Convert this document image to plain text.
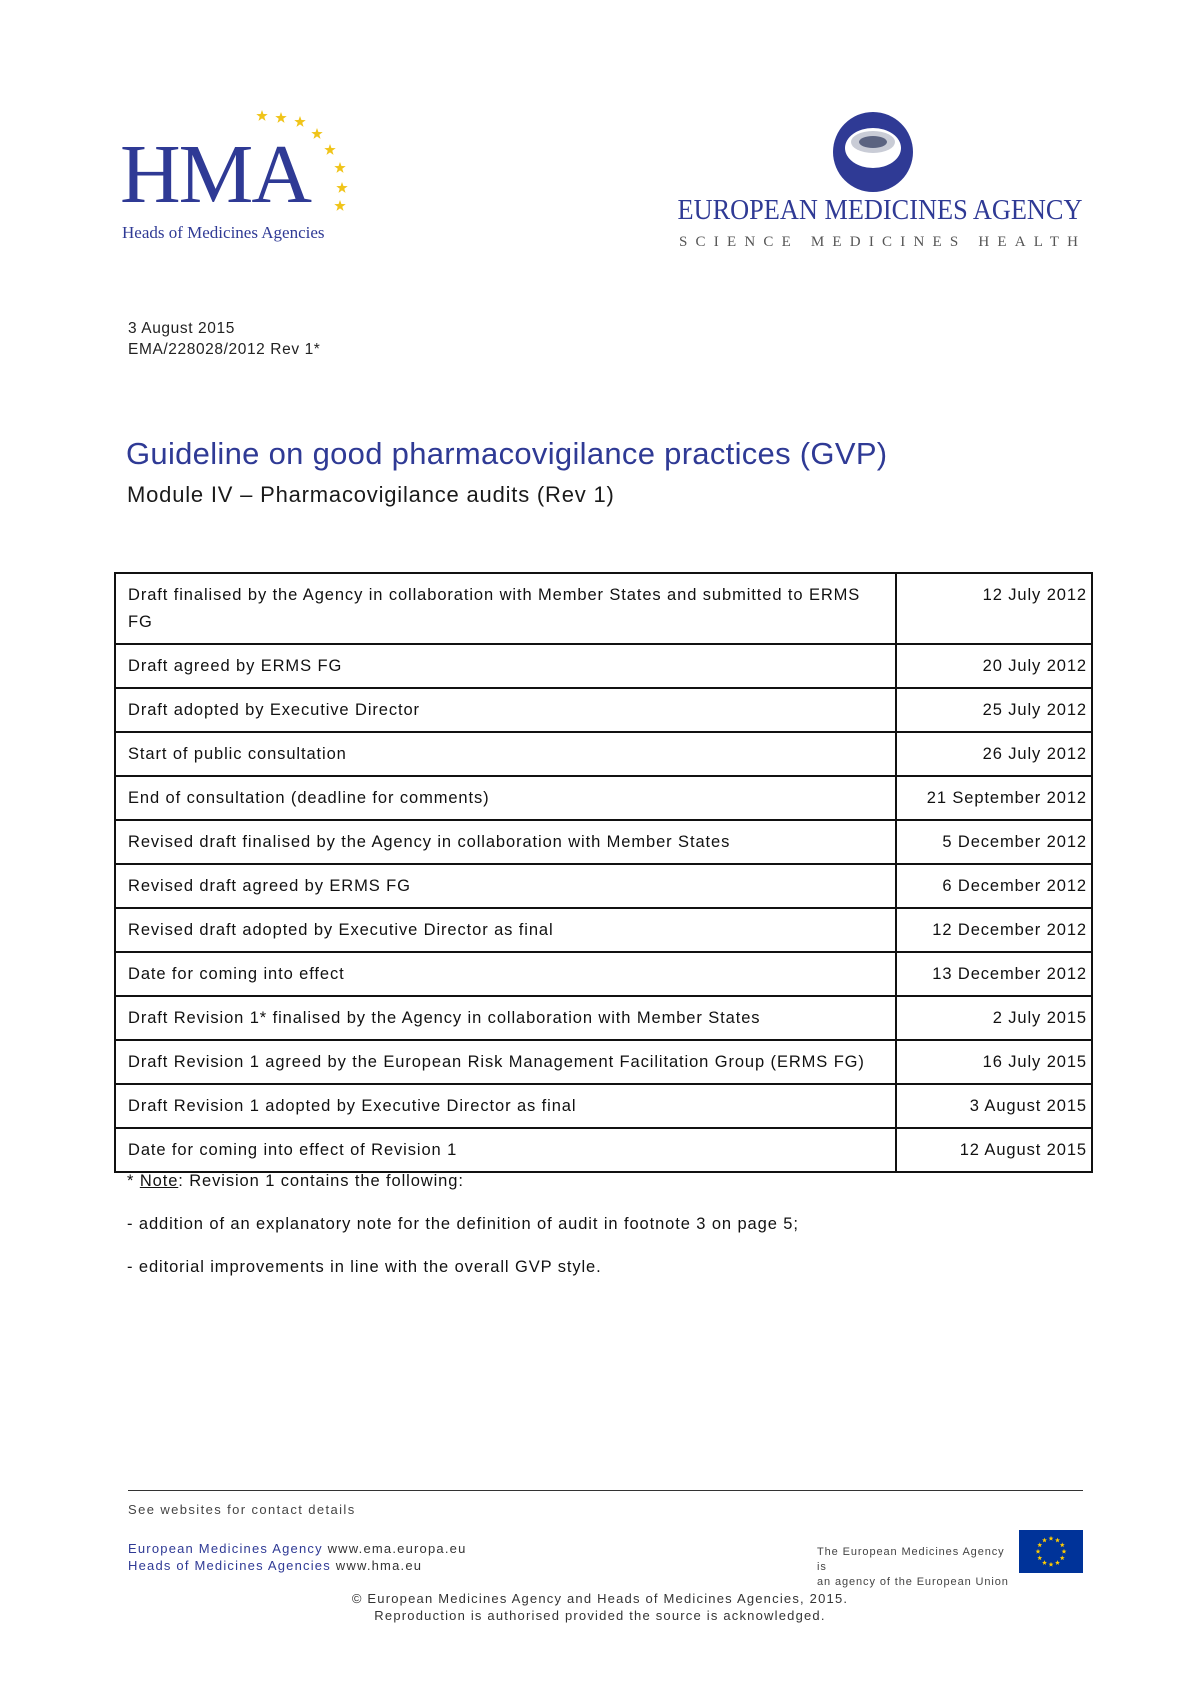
HMA
Heads of Medicines Agencies
EUROPEAN MEDICINES AGENCY
SCIENCE MEDICINES HEALTH
3 August 2015
EMA/228028/2012 Rev 1*
Guideline on good pharmacovigilance practices (GVP)
Module IV – Pharmacovigilance audits (Rev 1)
Draft finalised by the Agency in collaboration with Member States and submitted to ERMS FG	12 July 2012
Draft agreed by ERMS FG	20 July 2012
Draft adopted by Executive Director	25 July 2012
Start of public consultation	26 July 2012
End of consultation (deadline for comments)	21 September 2012
Revised draft finalised by the Agency in collaboration with Member States	5 December 2012
Revised draft agreed by ERMS FG	6 December 2012
Revised draft adopted by Executive Director as final	12 December 2012
Date for coming into effect	13 December 2012
Draft Revision 1* finalised by the Agency in collaboration with Member States	2 July 2015
Draft Revision 1 agreed by the European Risk Management Facilitation Group (ERMS FG)	16 July 2015
Draft Revision 1 adopted by Executive Director as final	3 August 2015
Date for coming into effect of Revision 1	12 August 2015

* Note: Revision 1 contains the following:

- addition of an explanatory note for the definition of audit in footnote 3 on page 5;

- editorial improvements in line with the overall GVP style.

See websites for contact details
European Medicines Agency www.ema.europa.eu
Heads of Medicines Agencies www.hma.eu
The European Medicines Agency is
an agency of the European Union
© European Medicines Agency and Heads of Medicines Agencies, 2015.
Reproduction is authorised provided the source is acknowledged.
